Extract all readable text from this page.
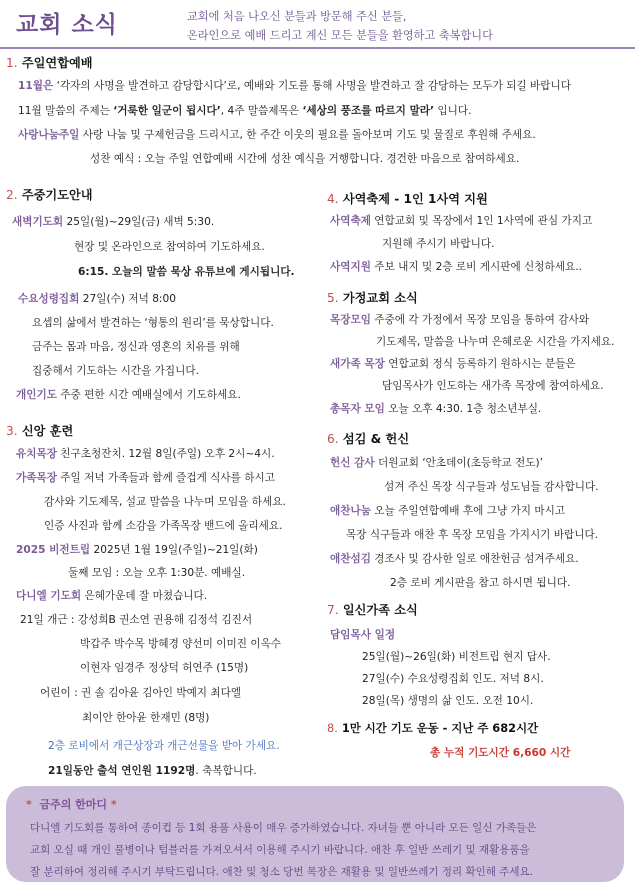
교회 소식	교회에 처음 나오신 분들과 방문해 주신 분들,
온라인으로 예배 드리고 계신 모든 분들을 환영하고 축복합니다
1. 주일연합예배
11월은 ‘각자의 사명을 발견하고 감당합시다’로, 예배와 기도를 통해 사명을 발견하고 잘 감당하는 모두가 되길 바랍니다
11월 말씀의 주제는 ‘거룩한 일군이 됩시다’, 4주 말씀제목은 ‘세상의 풍조를 따르지 말라’ 입니다.
사랑나눔주일 사랑 나눔 및 구제헌금을 드리시고, 한 주간 이웃의 필요를 돌아보며 기도 및 물질로 후원해 주세요.
성찬 예식 : 오늘 주일 연합예배 시간에 성찬 예식을 거행합니다. 경건한 마음으로 참여하세요.
2. 주중기도안내
새벽기도회 25일(월)~29일(금) 새벽 5:30.
현장 및 온라인으로 참여하여 기도하세요.
6:15. 오늘의 말씀 묵상 유튜브에 게시됩니다.
수요성령집회 27일(수) 저녁 8:00
요셉의 삶에서 발견하는 ‘형통의 원리’를 묵상합니다.
금주는 몸과 마음, 정신과 영혼의 치유를 위해
집중해서 기도하는 시간을 가집니다.
개인기도 주중 편한 시간 예배실에서 기도하세요.
3. 신앙 훈련
유치목장 친구초청잔치. 12월 8일(주일) 오후 2시~4시.
가족목장 주일 저녁 가족들과 함께 즐겁게 식사를 하시고
감사와 기도제목, 설교 말씀을 나누며 모임을 하세요.
인증 사진과 함께 소감을 가족목장 밴드에 올리세요.
2025 비전트립 2025년 1월 19일(주일)~21일(화)
둘째 모임 : 오늘 오후 1:30분. 예배실.
다니엘 기도회 은혜가운데 잘 마쳤습니다.
21일 개근 : 강성희B 권소연 권용해 김정석 김진서
박갑주 박수목 방혜경 양선미 이미진 이옥수
이현자 임경주 정상덕 허연주 (15명)
어린이 : 권 솔 김아윤 김아인 박예지 최다엘
최이안 한아윤 한재민 (8명)
2층 로비에서 개근상장과 개근선물을 받아 가세요.
21일동안 출석 연인원 1192명. 축복합니다.
4. 사역축제 - 1인 1사역 지원
사역축제 연합교회 및 목장에서 1인 1사역에 관심 가지고
지원해 주시기 바랍니다.
사역지원 주보 내지 및 2층 로비 게시판에 신청하세요..
5. 가정교회 소식
목장모임 주중에 각 가정에서 목장 모임을 통하여 감사와
기도제목, 말씀을 나누며 은혜로운 시간을 가지세요.
새가족 목장 연합교회 정식 등록하기 원하시는 분들은
담임목사가 인도하는 새가족 목장에 참여하세요.
총목자 모임 오늘 오후 4:30. 1층 청소년부실.
6. 섬김 & 헌신
헌신 감사 더원교회 ‘안초데이(초등학교 전도)’
섬겨 주신 목장 식구들과 성도님들 감사합니다.
애찬나눔 오늘 주일연합예배 후에 그냥 가지 마시고
목장 식구들과 애찬 후 목장 모임을 가지시기 바랍니다.
애찬섬김 경조사 및 감사한 일로 애찬헌금 섬겨주세요.
2층 로비 게시판을 참고 하시면 됩니다.
7. 일신가족 소식
담임목사 일정
25일(월)~26일(화) 비전트립 현지 답사.
27일(수) 수요성령집회 인도. 저녁 8시.
28일(목) 생명의 삶 인도. 오전 10시.
8. 1만 시간 기도 운동 - 지난 주 682시간
총 누적 기도시간 6,660 시간
* 금주의 한마디 *
다니엘 기도회를 통하여 종이컵 등 1회 용품 사용이 매우 증가하였습니다. 자녀들 뿐 아니라 모든 일신 가족들은
교회 오실 때 개인 물병이나 텀블러를 가져오셔서 이용해 주시기 바랍니다. 애찬 후 일반 쓰레기 및 재활용품을
잘 분리하여 정리해 주시기 부탁드립니다. 애찬 및 청소 당번 목장은 재활용 및 일반쓰레기 정리 확인해 주세요.
